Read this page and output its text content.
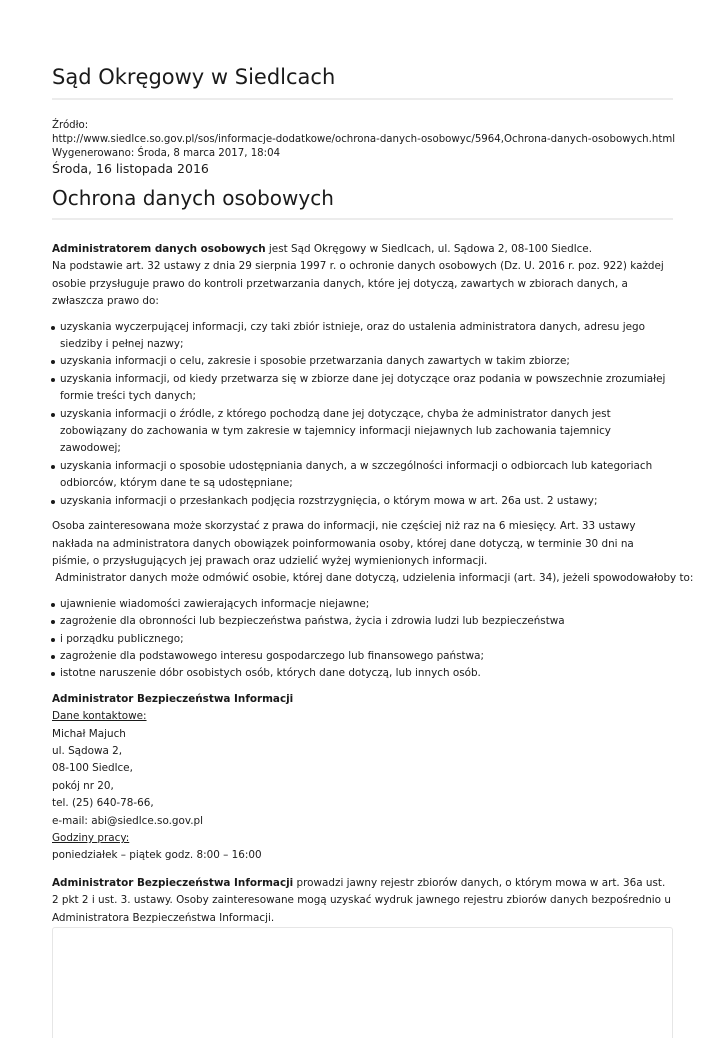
Sąd Okręgowy w Siedlcach
Źródło:
http://www.siedlce.so.gov.pl/sos/informacje-dodatkowe/ochrona-danych-osobowyc/5964,Ochrona-danych-osobowych.html
Wygenerowano: Środa, 8 marca 2017, 18:04
Środa, 16 listopada 2016
Ochrona danych osobowych

Administratorem danych osobowych jest Sąd Okręgowy w Siedlcach, ul. Sądowa 2, 08-100 Siedlce.

Na podstawie art. 32 ustawy z dnia 29 sierpnia 1997 r. o ochronie danych osobowych (Dz. U. 2016 r. poz. 922) każdej osobie przysługuje prawo do kontroli przetwarzania danych, które jej dotyczą, zawartych w zbiorach danych, a zwłaszcza prawo do:

uzyskania wyczerpującej informacji, czy taki zbiór istnieje, oraz do ustalenia administratora danych, adresu jego siedziby i pełnej nazwy;
uzyskania informacji o celu, zakresie i sposobie przetwarzania danych zawartych w takim zbiorze;
uzyskania informacji, od kiedy przetwarza się w zbiorze dane jej dotyczące oraz podania w powszechnie zrozumiałej formie treści tych danych;
uzyskania informacji o źródle, z którego pochodzą dane jej dotyczące, chyba że administrator danych jest zobowiązany do zachowania w tym zakresie w tajemnicy informacji niejawnych lub zachowania tajemnicy zawodowej;
uzyskania informacji o sposobie udostępniania danych, a w szczególności informacji o odbiorcach lub kategoriach odbiorców, którym dane te są udostępniane;
uzyskania informacji o przesłankach podjęcia rozstrzygnięcia, o którym mowa w art. 26a ust. 2 ustawy;

Osoba zainteresowana może skorzystać z prawa do informacji, nie częściej niż raz na 6 miesięcy. Art. 33 ustawy nakłada na administratora danych obowiązek poinformowania osoby, której dane dotyczą, w terminie 30 dni na piśmie, o przysługujących jej prawach oraz udzielić wyżej wymienionych informacji.

Administrator danych może odmówić osobie, której dane dotyczą, udzielenia informacji (art. 34), jeżeli spowodowałoby to:

ujawnienie wiadomości zawierających informacje niejawne;
zagrożenie dla obronności lub bezpieczeństwa państwa, życia i zdrowia ludzi lub bezpieczeństwa
i porządku publicznego;
zagrożenie dla podstawowego interesu gospodarczego lub finansowego państwa;
istotne naruszenie dóbr osobistych osób, których dane dotyczą, lub innych osób.

Administrator Bezpieczeństwa Informacji

Dane kontaktowe:

Michał Majuch

ul. Sądowa 2,

08-100 Siedlce,

pokój nr 20,

tel. (25) 640-78-66,

e-mail: abi@siedlce.so.gov.pl

Godziny pracy:

poniedziałek – piątek godz. 8:00 – 16:00

Administrator Bezpieczeństwa Informacji prowadzi jawny rejestr zbiorów danych, o którym mowa w art. 36a ust. 2 pkt 2 i ust. 3. ustawy. Osoby zainteresowane mogą uzyskać wydruk jawnego rejestru zbiorów danych bezpośrednio u Administratora Bezpieczeństwa Informacji.
